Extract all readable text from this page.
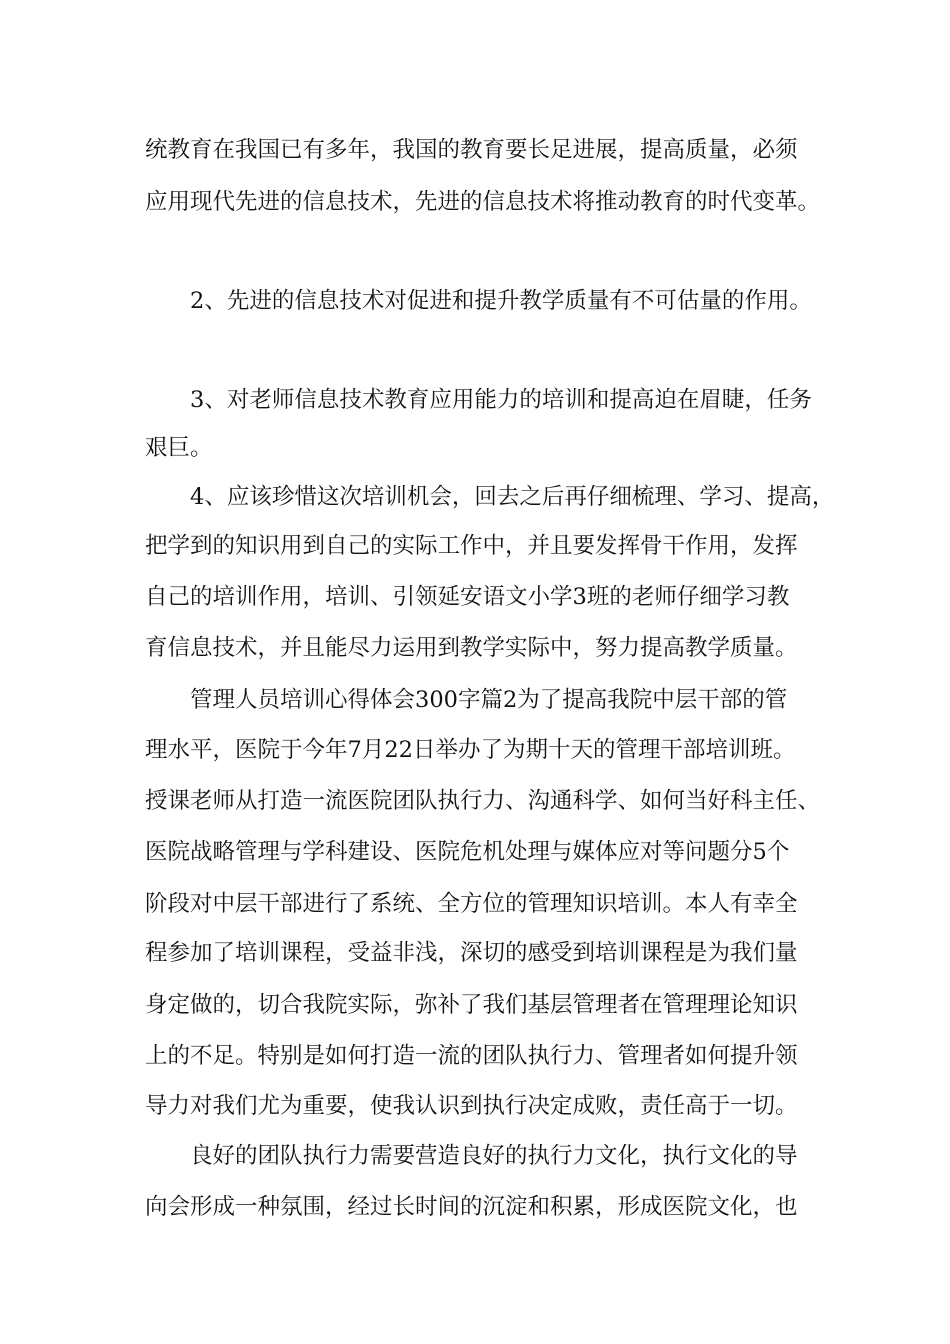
统教育在我国已有多年，我国的教育要长足进展，提高质量，必须
应用现代先进的信息技术，先进的信息技术将推动教育的时代变革。
2、先进的信息技术对促进和提升教学质量有不可估量的作用。
3、对老师信息技术教育应用能力的培训和提高迫在眉睫，任务
艰巨。
4、应该珍惜这次培训机会，回去之后再仔细梳理、学习、提高，
把学到的知识用到自己的实际工作中，并且要发挥骨干作用，发挥
自己的培训作用，培训、引领延安语文小学3班的老师仔细学习教
育信息技术，并且能尽力运用到教学实际中，努力提高教学质量。
管理人员培训心得体会300字篇2为了提高我院中层干部的管
理水平，医院于今年7月22日举办了为期十天的管理干部培训班。
授课老师从打造一流医院团队执行力、沟通科学、如何当好科主任、
医院战略管理与学科建设、医院危机处理与媒体应对等问题分5个
阶段对中层干部进行了系统、全方位的管理知识培训。本人有幸全
程参加了培训课程，受益非浅，深切的感受到培训课程是为我们量
身定做的，切合我院实际，弥补了我们基层管理者在管理理论知识
上的不足。特别是如何打造一流的团队执行力、管理者如何提升领
导力对我们尤为重要，使我认识到执行决定成败，责任高于一切。
良好的团队执行力需要营造良好的执行力文化，执行文化的导
向会形成一种氛围，经过长时间的沉淀和积累，形成医院文化，也
